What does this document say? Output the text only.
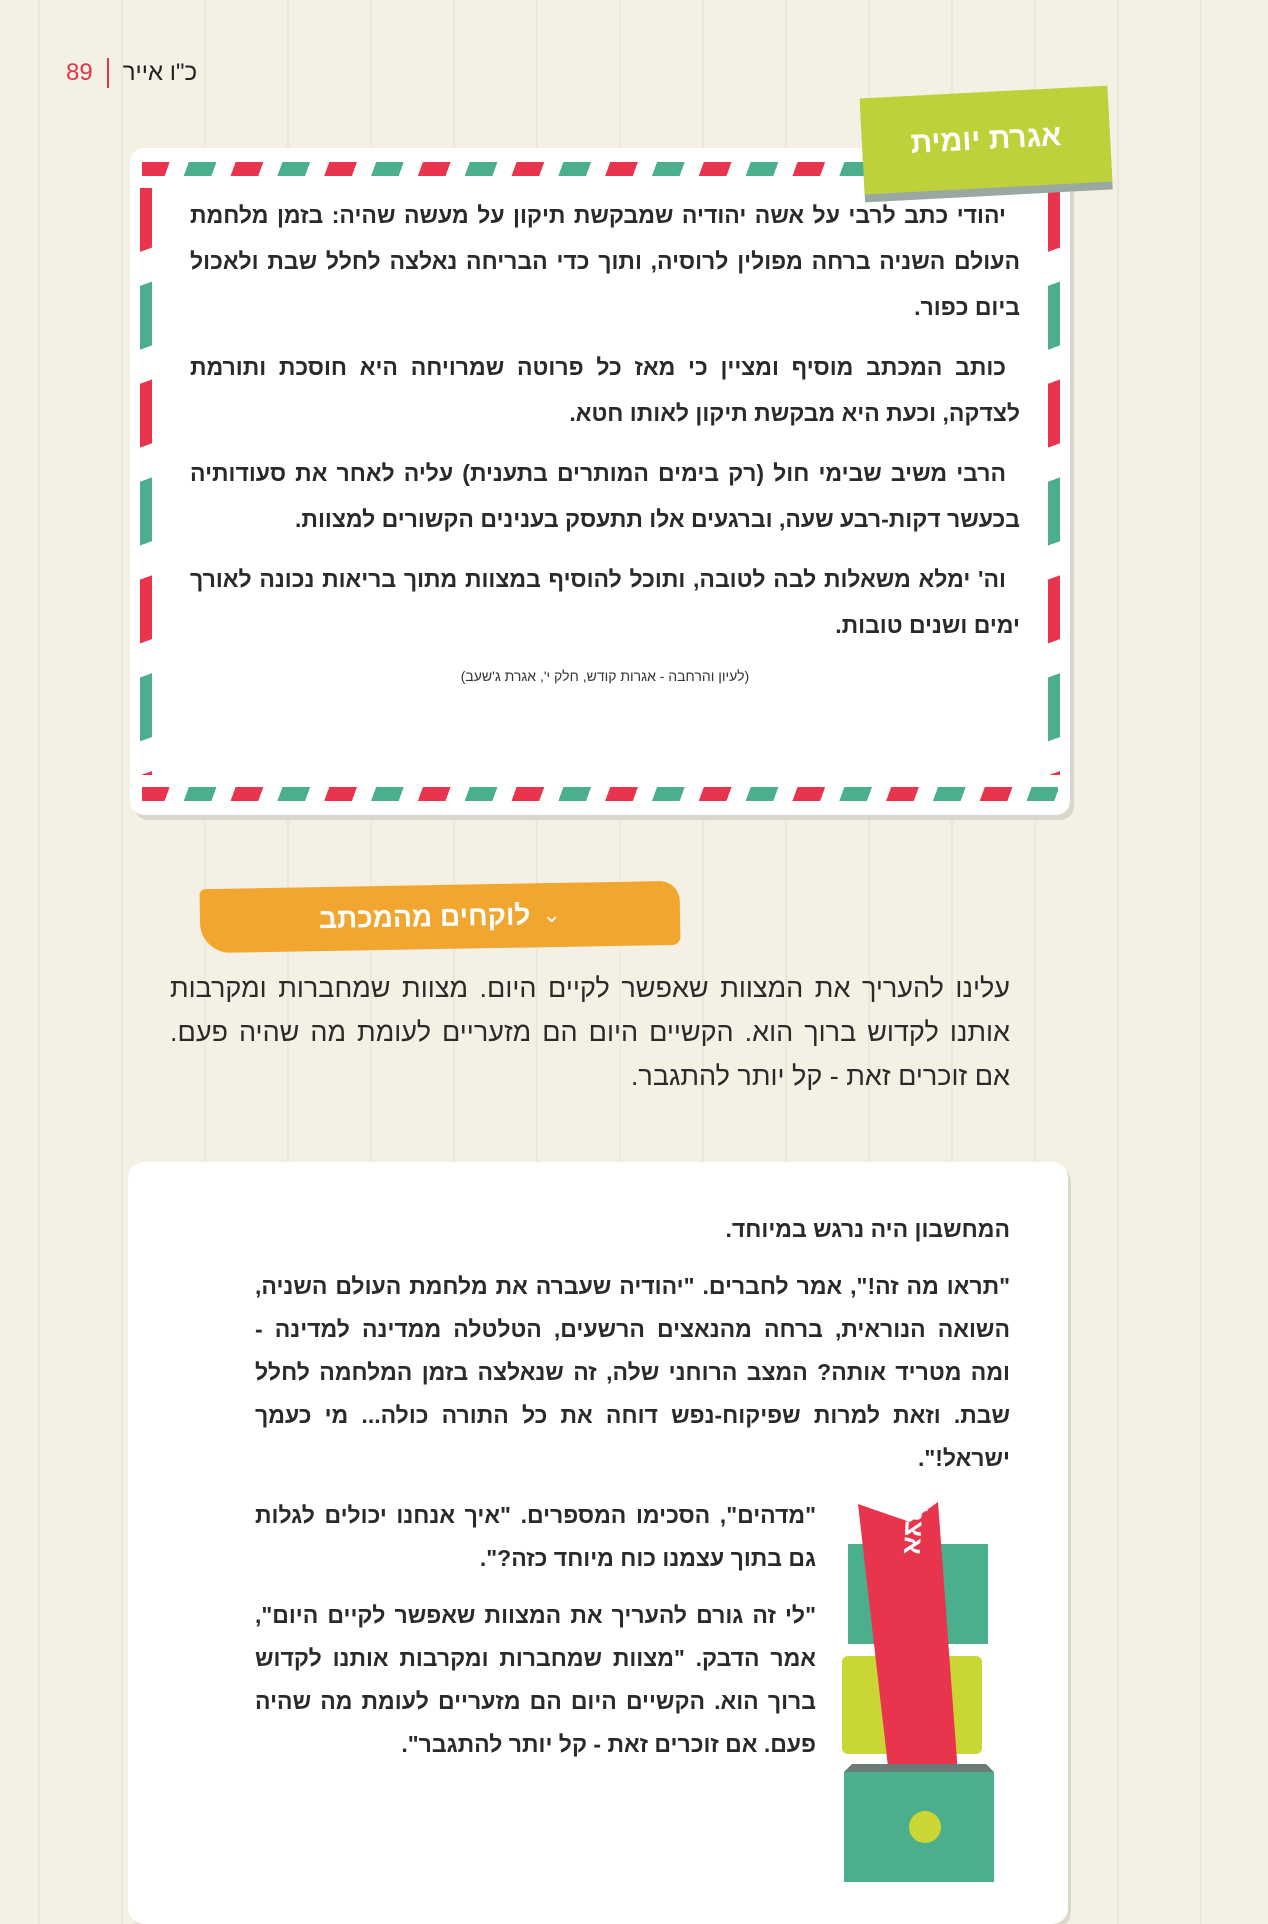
89 כ"ו אייר

יהודי כתב לרבי על אשה יהודיה שמבקשת תיקון על מעשה שהיה: בזמן מלחמת העולם השניה ברחה מפולין לרוסיה, ותוך כדי הבריחה נאלצה לחלל שבת ולאכול ביום כפור.

כותב המכתב מוסיף ומציין כי מאז כל פרוטה שמרויחה היא חוסכת ותורמת לצדקה, וכעת היא מבקשת תיקון לאותו חטא.

הרבי משיב שבימי חול (רק בימים המותרים בתענית) עליה לאחר את סעודותיה בכעשר דקות-רבע שעה, וברגעים אלו תתעסק בענינים הקשורים למצוות.

וה' ימלא משאלות לבה לטובה, ותוכל להוסיף במצוות מתוך בריאות נכונה לאורך ימים ושנים טובות.

(לעיון והרחבה - אגרות קודש, חלק י', אגרת ג'שעב)
אגרת יומית
⌄
לוקחים מהמכתב
עלינו להעריך את המצוות שאפשר לקיים היום. מצוות שמחברות ומקרבות אותנו לקדוש ברוך הוא. הקשיים היום הם מזעריים לעומת מה שהיה פעם. אם זוכרים זאת - קל יותר להתגבר.

המחשבון היה נרגש במיוחד.

"תראו מה זה!", אמר לחברים. "יהודיה שעברה את מלחמת העולם השניה, השואה הנוראית, ברחה מהנאצים הרשעים, הטלטלה ממדינה למדינה - ומה מטריד אותה? המצב הרוחני שלה, זה שנאלצה בזמן המלחמה לחלל שבת. וזאת למרות שפיקוח-נפש דוחה את כל התורה כולה... מי כעמך ישראל!".

אצלנו בחבורה

"מדהים", הסכימו המספרים. "איך אנחנו יכולים לגלות גם בתוך עצמנו כוח מיוחד כזה?".

"לי זה גורם להעריך את המצוות שאפשר לקיים היום", אמר הדבק. "מצוות שמחברות ומקרבות אותנו לקדוש ברוך הוא. הקשיים היום הם מזעריים לעומת מה שהיה פעם. אם זוכרים זאת - קל יותר להתגבר".
